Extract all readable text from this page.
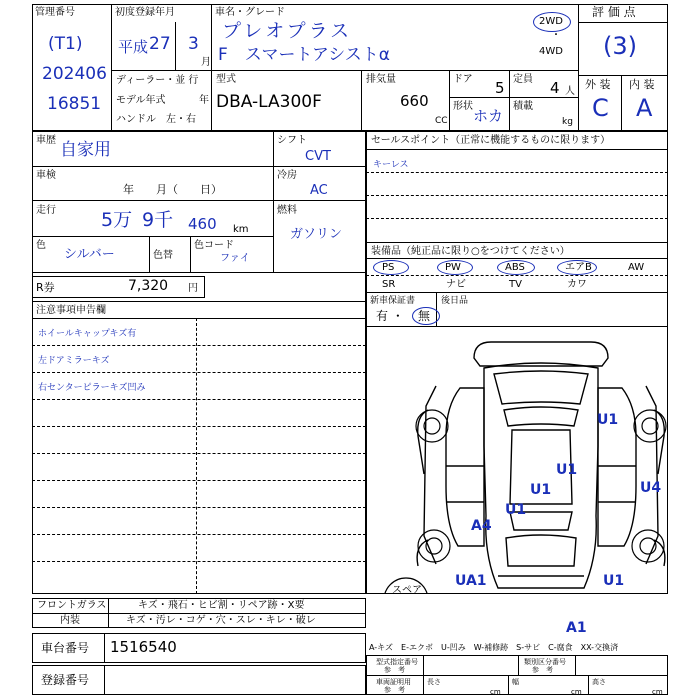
管理番号
(T1)
202406
16851
初度登録年月
平成 27 3
月
車名・グレード
プレオプラス
F　スマートアシストα
2WD
・
4WD
評 価 点
(3)
ディーラー・並 行
モデル年式	年
ハンドル　左・右
型式
DBA-LA300F
排気量
660
CC
ドア 5
形状
ホカ
定員 4 人
積載
kg
外 装 内 装
C A
車歴 自家用	シフト
CVT
車検
年　　月（　　日）
冷房
AC
走行 5万 9千 460 km
燃料
ガソリン
色
シルバー	色替
色コード
ファイ
R券	7,320 円
注意事項申告欄
ホイールキャップキズ有
左ドアミラーキズ
右センターピラーキズ凹み
セールスポイント（正常に機能するものに限ります）
キーレス
装備品（純正品に限り○をつけてください）
PS	PW	ABS	エアB	AW
SR	ナビ	TV	カワ
新車保証書
有 ・ 無
後日品
スペア
U1
U1
U1
U1
U4
A4
UA1	U1
A1
フロントガラス	キズ・飛石・ヒビ割・リペア跡・X要
内装	キズ・汚レ・コゲ・穴・スレ・キレ・破レ
車台番号 1516540
登録番号
A-キズ　E-エクボ　U-凹み　W-補修跡　S-サビ　C-腐食　XX-交換済
型式指定番号
参　考
類別区分番号
参　考
車両証明用
参　考
長さ
cm
幅
cm
高さ
cm
